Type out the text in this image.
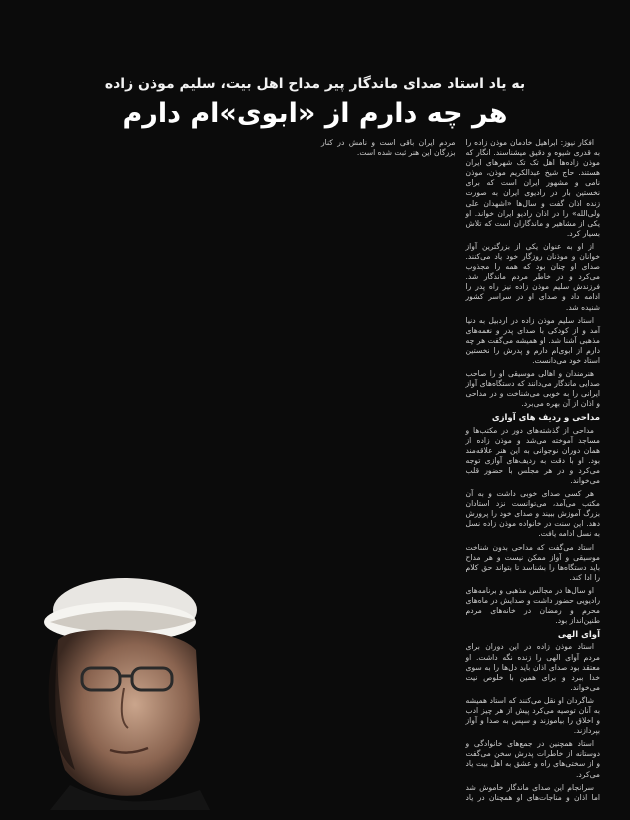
به یاد استاد صدای ماندگار پیر مداح اهل بیت، سلیم موذن زاده
هر چه دارم از «ابوی»ام دارم

افکار نیوز: ابراهیل خادمان موذن زاده را به قدری شیوه و دقیق میشناسند. انگار که موذن زاده‌ها اهل تک تک شهرهای ایران هستند. حاج شیخ عبدالکریم موذن، موذن نامی و مشهور ایران است که برای نخستین بار در رادیوی ایران به صورت زنده اذان گفت و سال‌ها «اشهدان علی ولی‌الله» را در اذان رادیو ایران خواند. او یکی از مشاهیر و ماندگاران است که تلاش بسیار کرد.

از او به عنوان یکی از بزرگترین آواز خوانان و موذنان روزگار خود یاد می‌کنند. صدای او چنان بود که همه را مجذوب می‌کرد و در خاطر مردم ماندگار شد. فرزندش سلیم موذن زاده نیز راه پدر را ادامه داد و صدای او در سراسر کشور شنیده شد.

استاد سلیم موذن زاده در اردبیل به دنیا آمد و از کودکی با صدای پدر و نغمه‌های مذهبی آشنا شد. او همیشه می‌گفت هر چه دارم از ابوی‌ام دارم و پدرش را نخستین استاد خود می‌دانست.

هنرمندان و اهالی موسیقی او را صاحب صدایی ماندگار می‌دانند که دستگاه‌های آواز ایرانی را به خوبی می‌شناخت و در مداحی و اذان از آن بهره می‌برد.

مداحی و ردیف های آوازی

مداحی از گذشته‌های دور در مکتب‌ها و مساجد آموخته می‌شد و موذن زاده از همان دوران نوجوانی به این هنر علاقه‌مند بود. او با دقت به ردیف‌های آوازی توجه می‌کرد و در هر مجلس با حضور قلب می‌خواند.

هر کسی صدای خوبی داشت و به آن مکتب می‌آمد، می‌توانست نزد استادان بزرگ آموزش ببیند و صدای خود را پرورش دهد. این سنت در خانواده موذن زاده نسل به نسل ادامه یافت.

استاد می‌گفت که مداحی بدون شناخت موسیقی و آواز ممکن نیست و هر مداح باید دستگاه‌ها را بشناسد تا بتواند حق کلام را ادا کند.

او سال‌ها در مجالس مذهبی و برنامه‌های رادیویی حضور داشت و صدایش در ماه‌های محرم و رمضان در خانه‌های مردم طنین‌انداز بود.

آوای الهی

استاد موذن زاده در این دوران برای مردم آوای الهی را زنده نگه داشت. او معتقد بود صدای اذان باید دل‌ها را به سوی خدا ببرد و برای همین با خلوص نیت می‌خواند.

شاگردان او نقل می‌کنند که استاد همیشه به آنان توصیه می‌کرد پیش از هر چیز ادب و اخلاق را بیاموزند و سپس به صدا و آواز بپردازند.

استاد همچنین در جمع‌های خانوادگی و دوستانه از خاطرات پدرش سخن می‌گفت و از سختی‌های راه و عشق به اهل بیت یاد می‌کرد.

سرانجام این صدای ماندگار خاموش شد اما اذان و مناجات‌های او همچنان در یاد مردم ایران باقی است و نامش در کنار بزرگان این هنر ثبت شده است.
